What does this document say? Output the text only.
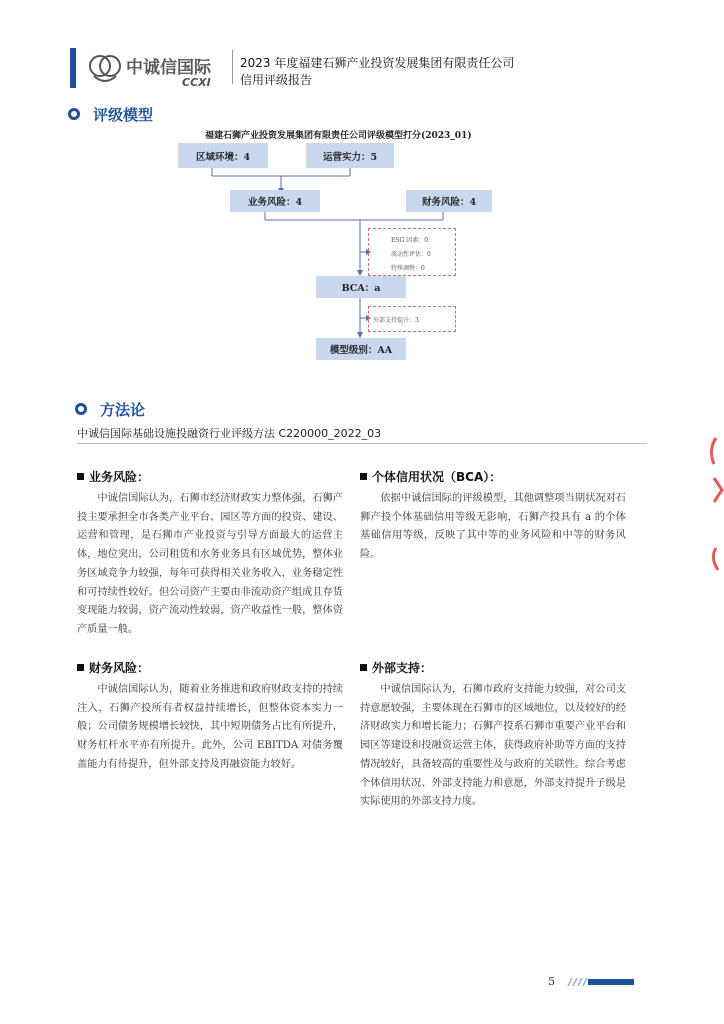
中诚信国际
CCXI
2023 年度福建石狮产业投资发展集团有限责任公司
信用评级报告
评级模型
福建石狮产业投资发展集团有限责任公司评级模型打分(2023_01)
区域环境：4	运营实力：5
业务风险：4	财务风险：4
ESG 因素：0
流动性评估：0
特殊调整：0
BCA：a
外部支持提升：3
模型级别：AA
方法论
中诚信国际基础设施投融资行业评级方法 C220000_2022_03
业务风险：
中诚信国际认为，石狮市经济财政实力整体强，石狮产投主要承担全市各类产业平台、园区等方面的投资、建设、运营和管理，是石狮市产业投资与引导方面最大的运营主体，地位突出，公司租赁和水务业务具有区域优势，整体业务区域竞争力较强，每年可获得相关业务收入，业务稳定性和可持续性较好。但公司资产主要由非流动资产组成且存货变现能力较弱，资产流动性较弱，资产收益性一般，整体资产质量一般。
个体信用状况（BCA）：
依据中诚信国际的评级模型，其他调整项当期状况对石狮产投个体基础信用等级无影响，石狮产投具有 a 的个体基础信用等级，反映了其中等的业务风险和中等的财务风险。
财务风险：
中诚信国际认为，随着业务推进和政府财政支持的持续注入，石狮产投所有者权益持续增长，但整体资本实力一般；公司债务规模增长较快，其中短期债务占比有所提升，财务杠杆水平亦有所提升。此外，公司 EBITDA 对债务覆盖能力有待提升，但外部支持及再融资能力较好。
外部支持：
中诚信国际认为，石狮市政府支持能力较强，对公司支持意愿较强，主要体现在石狮市的区域地位，以及较好的经济财政实力和增长能力；石狮产投系石狮市重要产业平台和园区等建设和投融资运营主体，获得政府补助等方面的支持情况较好，具备较高的重要性及与政府的关联性。综合考虑个体信用状况、外部支持能力和意愿，外部支持提升子级是实际使用的外部支持力度。
5
